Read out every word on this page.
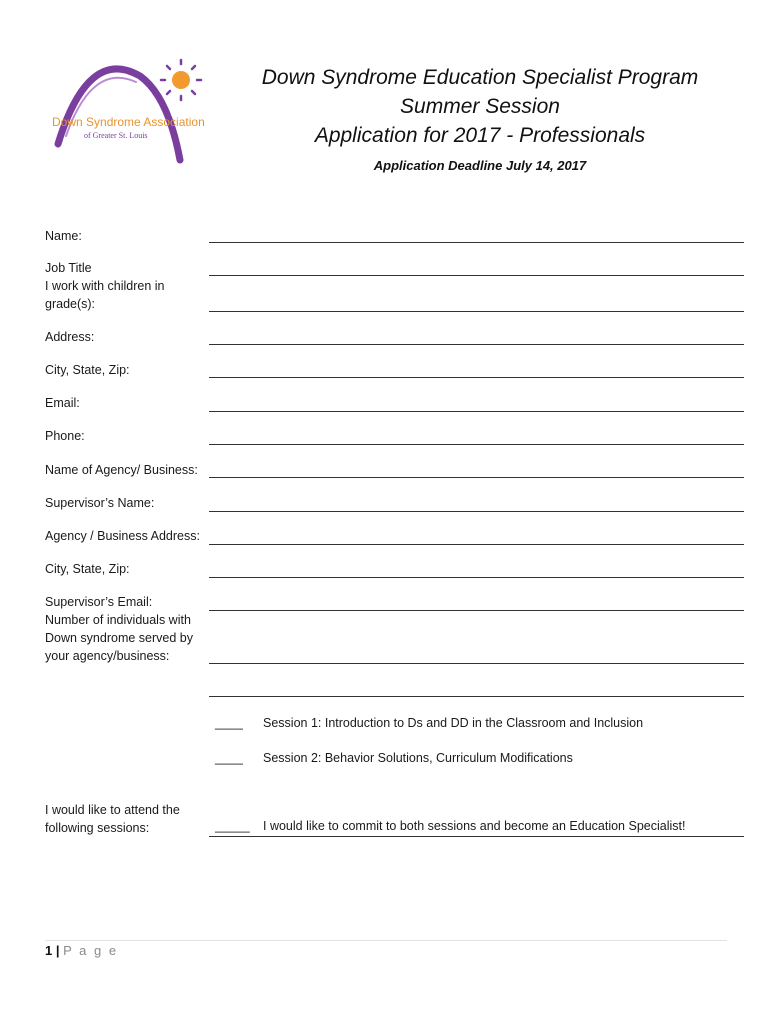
Down Syndrome Association
of Greater St. Louis
Down Syndrome Education Specialist Program
Summer Session
Application for 2017 - Professionals
Application Deadline July 14, 2017
Name:
Job Title
I work with children in
grade(s):
Address:
City, State, Zip:
Email:
Phone:
Name of Agency/ Business:
Supervisor’s Name:
Agency / Business Address:
City, State, Zip:
Supervisor’s Email:
Number of individuals with
Down syndrome served by
your agency/business:
____ Session 1: Introduction to Ds and DD in the Classroom and Inclusion
____ Session 2: Behavior Solutions, Curriculum Modifications
I would like to attend the
following sessions:	_____ I would like to commit to both sessions and become an Education Specialist!
1 | P a g e
